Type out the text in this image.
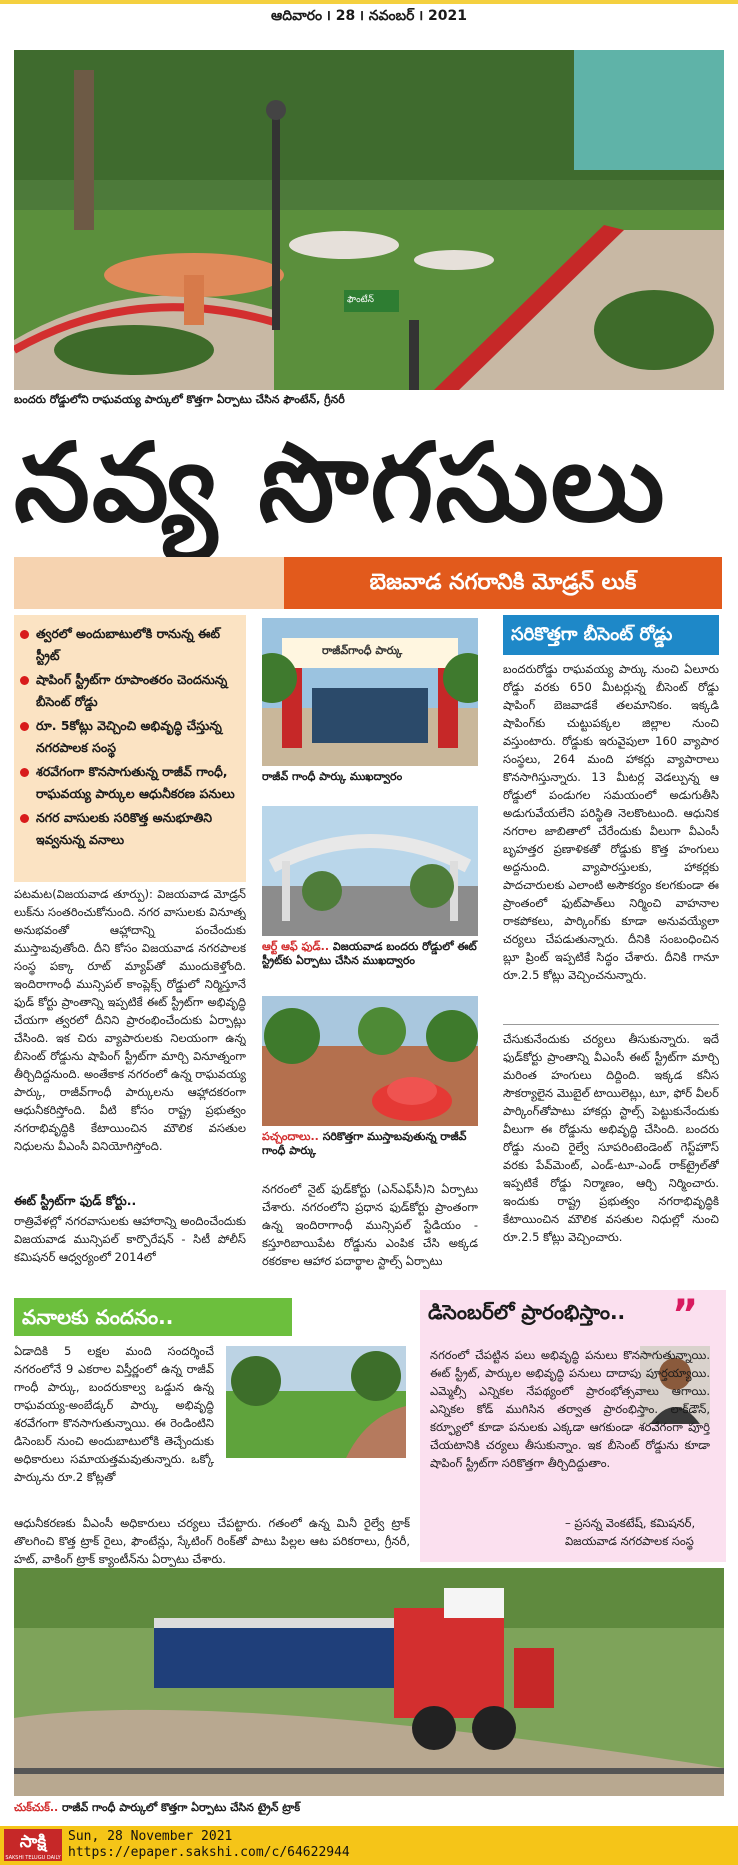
ఆదివారం ౹ 28 ౹ నవంబర్ ౹ 2021
ఫౌంటేన్
బందరు రోడ్డులోని రాఘవయ్య పార్కులో కొత్తగా ఏర్పాటు చేసిన ఫౌంటేన్, గ్రీనరీ
నవ్య సొగసులు
బెజవాడ నగరానికి మోడ్రన్ లుక్
త్వరలో అందుబాటులోకి రానున్న ఈట్ స్ట్రీట్
షాపింగ్ స్ట్రీట్‌గా రూపాంతరం చెందనున్న బీసెంట్ రోడ్డు
రూ. 5కోట్లు వెచ్చించి అభివృద్ధి చేస్తున్న నగరపాలక సంస్థ
శరవేగంగా కొనసాగుతున్న రాజీవ్ గాంధీ, రాఘవయ్య పార్కుల ఆధునీకరణ పనులు
నగర వాసులకు సరికొత్త అనుభూతిని ఇవ్వనున్న వనాలు
పటమట(విజయవాడ తూర్పు): విజయవాడ మోడ్రన్ లుక్‌ను సంతరించుకోనుంది. నగర వాసులకు వినూత్న అనుభవంతో ఆహ్లాదాన్ని పంచేందుకు ముస్తాబవుతోంది. దీని కోసం విజయవాడ నగరపాలక సంస్థ పక్కా రూట్ మ్యాప్‌తో ముందుకెళ్తోంది. ఇందిరాగాంధీ మున్సిపల్ కాంప్లెక్స్ రోడ్డులో నిర్మిస్తూనే ఫుడ్ కోర్టు ప్రాంతాన్ని ఇప్పటికే ఈట్ స్ట్రీట్‌గా అభివృద్ధి చేయగా త్వరలో దీనిని ప్రారంభించేందుకు ఏర్పాట్లు చేసింది. ఇక చిరు వ్యాపారులకు నిలయంగా ఉన్న బీసెంట్ రోడ్డును షాపింగ్ స్ట్రీట్‌గా మార్చి వినూత్నంగా తీర్చిదిద్దనుంది. అంతేకాక నగరంలో ఉన్న రాఘవయ్య పార్కు, రాజీవ్‌గాంధీ పార్కులను ఆహ్లాదకరంగా ఆధునీకరిస్తోంది. వీటి కోసం రాష్ట్ర ప్రభుత్వం నగరాభివృద్ధికి కేటాయించిన మౌలిక వసతుల నిధులను వీఎంసీ వినియోగిస్తోంది.
ఈట్ స్ట్రీట్‌గా ఫుడ్ కోర్టు..
రాత్రివేళల్లో నగరవాసులకు ఆహారాన్ని అందించేందుకు విజయవాడ మున్సిపల్ కార్పొరేషన్‌ - సిటీ పోలీస్ కమిషనర్ ఆధ్వర్యంలో 2014లో
రాజీవ్‌గాంధీ పార్కు
రాజీవ్ గాంధీ పార్కు ముఖద్వారం
ఆర్ట్ ఆఫ్ ఫుడ్.. విజయవాడ బందరు రోడ్డులో ఈట్ స్ట్రీట్‌కు ఏర్పాటు చేసిన ముఖద్వారం
పచ్చందాలు.. సరికొత్తగా ముస్తాబవుతున్న రాజీవ్ గాంధీ పార్కు
నగరంలో నైట్ ఫుడ్‌కోర్టు (ఎన్‌ఎఫ్‌సీ)ని ఏర్పాటు చేశారు. నగరంలోని ప్రధాన ఫుడ్‌కోర్టు ప్రాంతంగా ఉన్న ఇందిరాగాంధీ మున్సిపల్ స్టేడియం - కస్తూరిబాయిపేట రోడ్డును ఎంపిక చేసి అక్కడ రకరకాల ఆహార పదార్థాల స్టాల్స్ ఏర్పాటు
సరికొత్తగా బీసెంట్ రోడ్డు
బందరురోడ్డు రాఘవయ్య పార్కు నుంచి ఏలూరు రోడ్డు వరకు 650 మీటర్లున్న బీసెంట్ రోడ్డు షాపింగ్ బెజవాడకే తలమానికం. ఇక్కడి షాపింగ్‌కు చుట్టుపక్కల జిల్లాల నుంచి వస్తుంటారు. రోడ్డుకు ఇరువైపులా 160 వ్యాపార సంస్థలు, 264 మంది హాకర్లు వ్యాపారాలు కొనసాగిస్తున్నారు. 13 మీటర్ల వెడల్పున్న ఆ రోడ్డులో పండుగల సమయంలో అడుగుతీసి అడుగువేయలేని పరిస్థితి నెలకొంటుంది. ఆధునిక నగరాల జాబితాలో చేరేందుకు వీలుగా వీఎంసీ బృహత్తర ప్రణాళికతో రోడ్డుకు కొత్త హంగులు అద్దనుంది. వ్యాపారస్తులకు, హాకర్లకు పాదచారులకు ఎలాంటి అసౌకర్యం కలగకుండా ఈ ప్రాంతంలో ఫుట్‌పాత్‌లు నిర్మించి వాహనాల రాకపోకలు, పార్కింగ్‌కు కూడా అనువయ్యేలా చర్యలు చేపడుతున్నారు. దీనికి సంబంధించిన బ్లూ ప్రింట్ ఇప్పటికే సిద్ధం చేశారు. దీనికి గానూ రూ.2.5 కోట్లు వెచ్చించనున్నారు.
చేసుకునేందుకు చర్యలు తీసుకున్నారు. ఇదే ఫుడ్‌కోర్టు ప్రాంతాన్ని వీఎంసీ ఈట్ స్ట్రీట్‌గా మార్చి మరింత హంగులు దిద్దింది. ఇక్కడ కనీస సౌకర్యాలైన మొబైల్ టాయిలెట్లు, టూ, ఫోర్ వీలర్ పార్కింగ్‌తోపాటు హాకర్లు స్టాల్స్ పెట్టుకునేందుకు వీలుగా ఈ రోడ్డును అభివృద్ధి చేసింది. బందరు రోడ్డు నుంచి రైల్వే సూపరింటెండెంట్ గెస్ట్‌హౌస్ వరకు పేవ్‌మెంట్, ఎండ్‌-టూ-ఎండ్ రాక్‌ట్రైల్‌తో ఇప్పటికే రోడ్డు నిర్మాణం, ఆర్చి నిర్మించారు. ఇందుకు రాష్ట్ర ప్రభుత్వం నగరాభివృద్ధికి కేటాయించిన మౌలిక వసతుల నిధుల్లో నుంచి రూ.2.5 కోట్లు వెచ్చించారు.
వనాలకు వందనం..
ఏడాదికి 5 లక్షల మంది సందర్శించే నగరంలోనే 9 ఎకరాల విస్తీర్ణంలో ఉన్న రాజీవ్ గాంధీ పార్కు, బందరుకాల్వ ఒడ్డున ఉన్న రాఘవయ్య-అంబేడ్కర్ పార్కు అభివృద్ధి శరవేగంగా కొనసాగుతున్నాయి. ఈ రెండింటిని డిసెంబర్ నుంచి అందుబాటులోకి తెచ్చేందుకు అధికారులు సమాయత్తమవుతున్నారు. ఒక్కో పార్కును రూ.2 కోట్లతో
ఆధునీకరణకు వీఎంసీ అధికారులు చర్యలు చేపట్టారు. గతంలో ఉన్న మినీ రైల్వే ట్రాక్ తొలగించి కొత్త ట్రాక్ రైలు, ఫౌంటేన్లు, స్కేటింగ్ రింక్‌తో పాటు పిల్లల ఆట పరికరాలు, గ్రీనరీ, హట్, వాకింగ్ ట్రాక్ క్యాంటీన్‌ను ఏర్పాటు చేశారు.
డిసెంబర్‌లో ప్రారంభిస్తాం.. ”
నగరంలో చేపట్టిన పలు అభివృద్ధి పనులు కొనసాగుతున్నాయి. ఈట్ స్ట్రీట్, పార్కుల అభివృద్ధి పనులు దాదాపు పూర్తయ్యాయి. ఎమ్మెల్సీ ఎన్నికల నేపథ్యంలో ప్రారంభోత్సవాలు ఆగాయి. ఎన్నికల కోడ్ ముగిసిన తర్వాత ప్రారంభిస్తాం. లాక్‌డౌన్, కర్ఫ్యూలో కూడా పనులకు ఎక్కడా ఆగకుండా శరవేగంగా పూర్తి చేయటానికి చర్యలు తీసుకున్నాం. ఇక బీసెంట్ రోడ్డును కూడా షాపింగ్ స్ట్రీట్‌గా సరికొత్తగా తీర్చిదిద్దుతాం.
– ప్రసన్న వెంకటేష్, కమిషనర్,
విజయవాడ నగరపాలక సంస్థ
చుక్‌చుక్.. రాజీవ్ గాంధీ పార్కులో కొత్తగా ఏర్పాటు చేసిన ట్రైన్ ట్రాక్
సాక్షి
SAKSHI TELUGU DAILY
Sun, 28 November 2021
https://epaper.sakshi.com/c/64622944
